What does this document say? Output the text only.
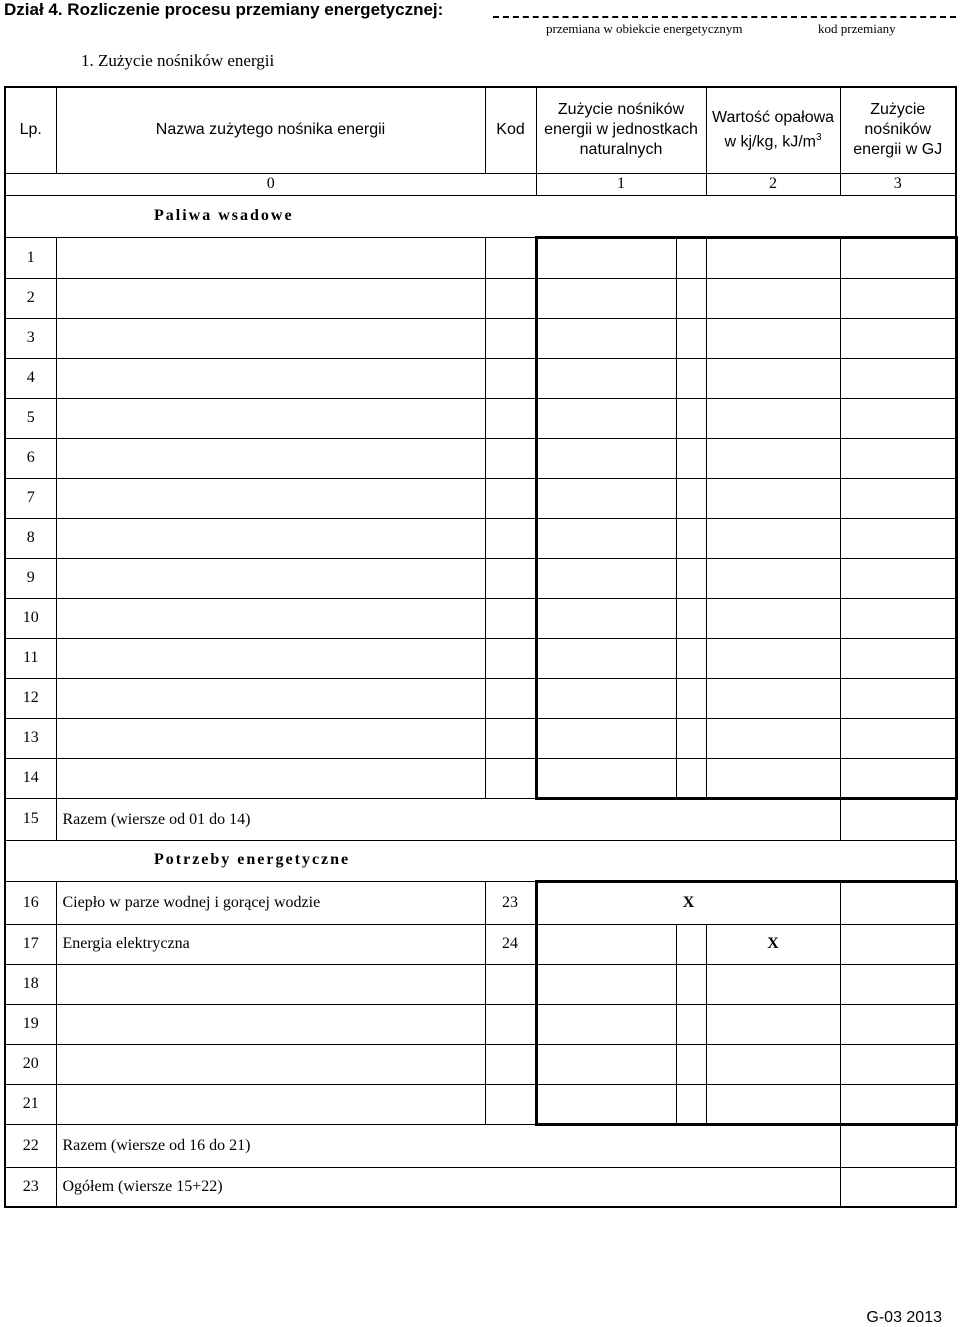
Dział 4. Rozliczenie procesu przemiany energetycznej:
przemiana w obiekcie energetycznym	kod przemiany
1. Zużycie nośników energii
Lp.	Nazwa zużytego nośnika energii	Kod	Zużycie nośników energii w jednostkach naturalnych		Wartość opałowa w kj/kg, $kJ/m^3$	Zużycie nośników energii w GJ
0			1		2	3
Paliwa wsadowe						
1						
2						
3						
4						
5						
6						
7						
8						
9						
10						
11						
12						
13						
14						
15	Razem (wiersze od 01 do 14)					
Potrzeby energetyczne						
16	Ciepło w parze wodnej i gorącej wodzie	23	X			
17	Energia elektryczna	24			X	
18						
19						
20						
21						
22	Razem (wiersze od 16 do 21)					
23	Ogółem (wiersze 15+22)					
G-03 2013
